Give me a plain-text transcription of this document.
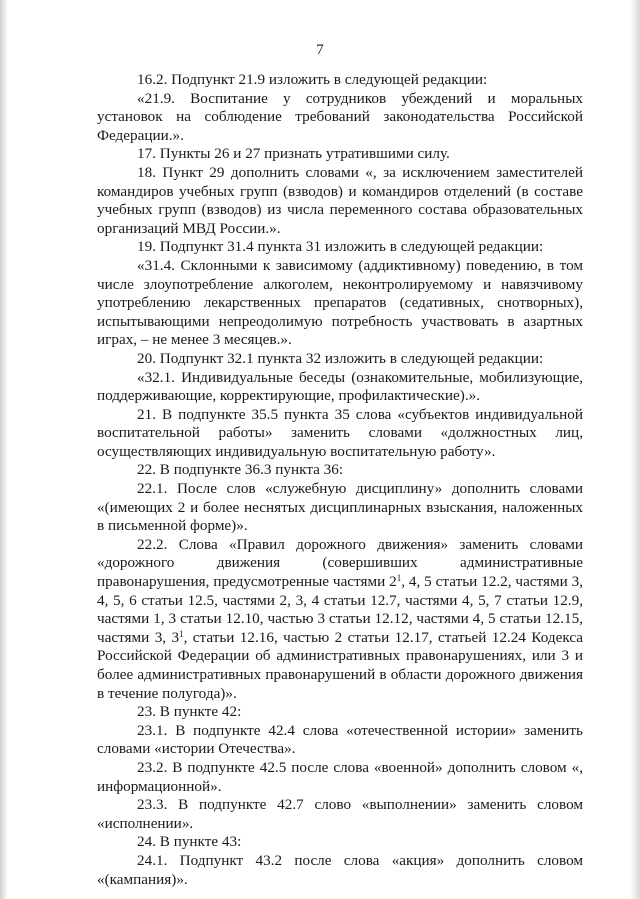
7

16.2. Подпункт 21.9 изложить в следующей редакции:

«21.9. Воспитание у сотрудников убеждений и моральных установок на соблюдение требований законодательства Российской Федерации.».

17. Пункты 26 и 27 признать утратившими силу.

18. Пункт 29 дополнить словами «, за исключением заместителей командиров учебных групп (взводов) и командиров отделений (в составе учебных групп (взводов) из числа переменного состава образовательных организаций МВД России.».

19. Подпункт 31.4 пункта 31 изложить в следующей редакции:

«31.4. Склонными к зависимому (аддиктивному) поведению, в том числе злоупотребление алкоголем, неконтролируемому и навязчивому употреблению лекарственных препаратов (седативных, снотворных), испытывающими непреодолимую потребность участвовать в азартных играх, – не менее 3 месяцев.».

20. Подпункт 32.1 пункта 32 изложить в следующей редакции:

«32.1. Индивидуальные беседы (ознакомительные, мобилизующие, поддерживающие, корректирующие, профилактические).».

21. В подпункте 35.5 пункта 35 слова «субъектов индивидуальной воспитательной работы» заменить словами «должностных лиц, осуществляющих индивидуальную воспитательную работу».

22. В подпункте 36.3 пункта 36:

22.1. После слов «служебную дисциплину» дополнить словами «(имеющих 2 и более неснятых дисциплинарных взыскания, наложенных в письменной форме)».

22.2. Слова «Правил дорожного движения» заменить словами «дорожного движения (совершивших административные правонарушения, предусмотренные частями $2^1$, 4, 5 статьи 12.2, частями 3, 4, 5, 6 статьи 12.5, частями 2, 3, 4 статьи 12.7, частями 4, 5, 7 статьи 12.9, частями 1, 3 статьи 12.10, частью 3 статьи 12.12, частями 4, 5 статьи 12.15, частями 3, $3^1$, статьи 12.16, частью 2 статьи 12.17, статьей 12.24 Кодекса Российской Федерации об административных правонарушениях, или 3 и более административных правонарушений в области дорожного движения в течение полугода)».

23. В пункте 42:

23.1. В подпункте 42.4 слова «отечественной истории» заменить словами «истории Отечества».

23.2. В подпункте 42.5 после слова «военной» дополнить словом «, информационной».

23.3. В подпункте 42.7 слово «выполнении» заменить словом «исполнении».

24. В пункте 43:

24.1. Подпункт 43.2 после слова «акция» дополнить словом «(кампания)».
